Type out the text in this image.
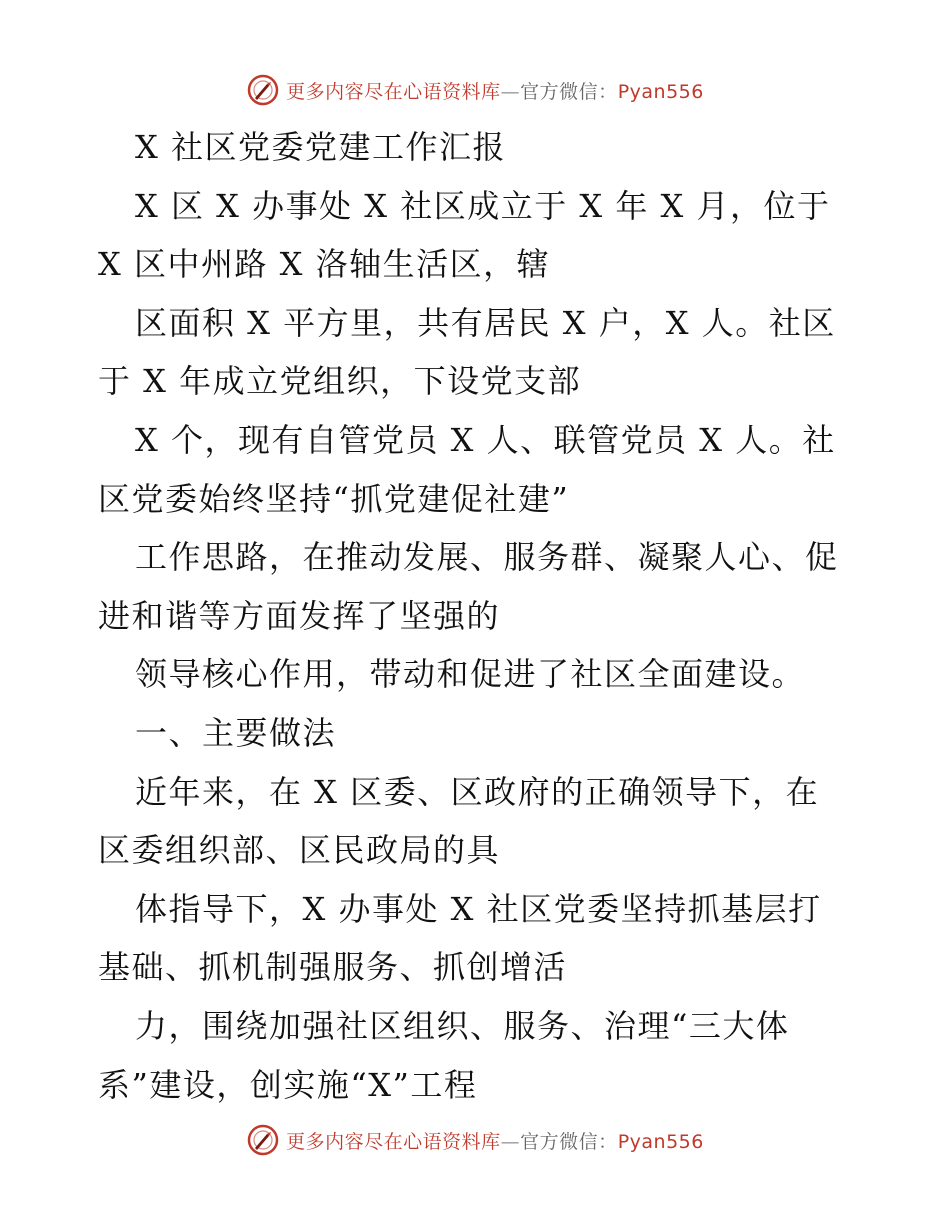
更多内容尽在心语资料库—官方微信：Pyan556
X 社区党委党建工作汇报
X 区 X 办事处 X 社区成立于 X 年 X 月，位于
X 区中州路 X 洛轴生活区，辖
区面积 X 平方里，共有居民 X 户，X 人。社区
于 X 年成立党组织，下设党支部
X 个，现有自管党员 X 人、联管党员 X 人。社
区党委始终坚持“抓党建促社建”
工作思路，在推动发展、服务群、凝聚人心、促
进和谐等方面发挥了坚强的
领导核心作用，带动和促进了社区全面建设。
一、主要做法
近年来，在 X 区委、区政府的正确领导下，在
区委组织部、区民政局的具
体指导下，X 办事处 X 社区党委坚持抓基层打
基础、抓机制强服务、抓创增活
力，围绕加强社区组织、服务、治理“三大体
系”建设，创实施“X”工程
更多内容尽在心语资料库—官方微信：Pyan556
